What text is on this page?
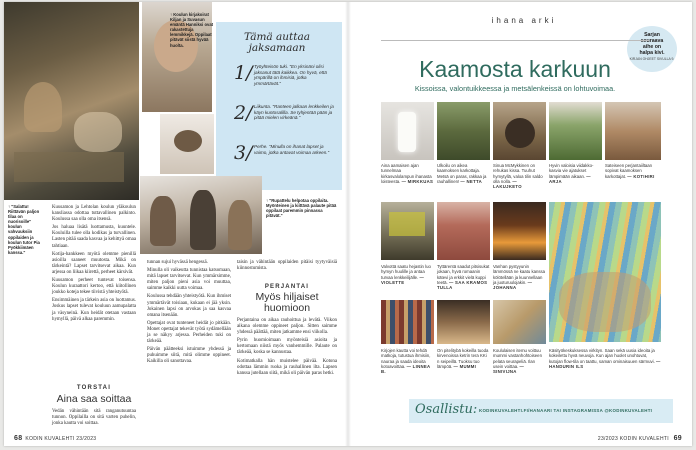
↑ Koulun kirjakoirat Kiljan ja Suvasun emäntä Hanniksi ovat rakastettuja lemmikkejä. Oppilaat pitävät siistä hyvää huolta.
↑ "Salattu! Riittävän paljon tilaa on nuorisoille" koulun vahvuuksiin oppilaiden ja koulun tutor Pia Pyökkiimäen kanssa."
Tämä auttaa jaksamaan
1/ Työyhteisön tuki. "En yksinäni olisi jaksanut tätä kaikkea. On hyvä, että ympärillä on ihmisiä, jotka ymmärtävät."
2/ Liikunta. "Ranteen jalkaan lenkkeilen ja käyn kuntosalilla. Se tyhjentää pään ja pitää mielen virkeänä."
3/ Perhe. "Minulla on ihanat lapset ja vaimo, jotka antavat voimaa arkeen."
↑ "Rupattelu helpotaa oppilaita. Myönteinen ja kiittävä palaute pitää oppilaat paremmin pinnassa pitävät."

Kuusamon ja Lehtolan koulun yläkoulun kansliassa odottaa tuttavallinen palkinto. Koulussa saa olla oma itsensä.

Jos haluaa lisätä luottamusta, kuuntele. Kouluilla tulee olla kodikas ja turvallinen. Lasten pitää saada kasvaa ja kehittyä omaa tahtiaan.

Kotija-hankkeen myötä olemme pienillä asioilla saaneet muutosta. Mikä on tärkeintä? Lapset tarvitsevat aikaa. Kun arjessa on liikaa kiirettä, perheet kärsivät.

Kuusamon perheet tuntevat toisensa. Koulun kuraattori kertoo, että kiitollinen joukko koteja tekee tiivistä yhteistyötä.

Ensimmäinen ja tärkein asia on luottamus. Joskus lapset tulevat kouluun aamupalatta ja väsyneinä. Kun heidät otetaan vastaan hymyllä, päivä alkaa paremmin.

TORSTAI
Aina saa soittaa

Vedän vähintään sitä ranganutuuntaa tunnon. Oppilailla on sitä varten puhelin, jonka kautta voi soittaa.

tunnan sujui hyvässä hengessä.

Minulla oli vaikeutta tunnistaa katsomaan, mitä lapset tarvitsevat. Kun ymmärsimme, miten paljon pieni asia voi muuttaa, saimme kaikki uutta voimaa.

Koulussa tehdään yhteistyötä. Kun ihmiset ymmärtävät toisiaan, kukaan ei jää yksin. Jokainen lapsi on arvokas ja saa kasvaa omana itsenään.

Opettajat ovat tunteneet heidät jo pitkään. Monet opettajat tekevät työtä sydämellään ja se näkyy arjessa. Perheiden tuki on tärkeää.

Päivän päätteeksi istuimme yhdessä ja puhuimme siitä, mitä olimme oppineet. Kaikilla oli sanottavaa.

taisin ja vähintään oppilaiden pitäisi tyytyväisiä kiinnostumista.

PERJANTAI
Myös hiljaiset huomioon

Perjantaina on aikaa rauhoittua ja levätä. Viikon aikana olemme oppineet paljon. Sitten saimme yhdessä päättää, miten jatkamme ensi viikolla.

Pyrin huomioimaan myönteisiä asioita ja kertomaan niistä myös vanhemmille. Palaute on tärkeää, koska se kannustaa.

Kotimatkalla hän muistelee päivää. Kotona odottaa lämmin ruoka ja rauhallinen ilta. Lapsen kanssa jutellaan siitä, mikä oli päivän paras hetki.

68 KODIN KUVALEHTI 23/2023
ihana arki
Sarjan
seuraava
aihe on
halpa kivi.
KIRJAN OHJEET SIVULLA 9.
Kaamosta karkuun
Kissoissa, valontuikkeessa ja metsälenkeissä on lohtuvoimaa.
Aina aamaisen ajan tunnelmaa kirkasvalolampun ihanasta loisteesta. — MIRKKUAS
Ulkoilu on aikea kaamoksen karkottaja. Metsä on paras, rakkaa ja rauhallinen! — NETTA
Sinua McMykkinen on rehukas kissa. Tuuhut hymytyllä, valoa tilin saldo olla nolla. — LAKUJKETO
Hyvin valoisia viidakkokasvia vie ajatukset lämpimään aikaan. — ARJA
Sateiseen perjantaiiltaan sopivat kaamoksen karkottajat. — KOTIHIRI
Valvottä saatu hejastin luo hymyn huulille ja antaa turvaa lenkkeilijälle. — VIOLETTE
Tyttärentä saadut pitsisukat jokaan, hyvä romaanin kätevi ja erkkit vielä kuppi teetä. — SAA KRAMOS TULLA
Vanhan pystyyunin lämmössä ne kaatu kanssa kölötellään ja kuunnellaan ja juoturuulojakin. — JOHANNA
Kirjojen kautta voi tehdä matkoja, tutustua ihmisiin, nauraa ja saada ideoita kotoavoittaa. — LINNEA B.
On pitelitybä kokeilla tuoda kirvenoissa ketrin tera KKi n seipeillä. Tuoksu tuo lämpöä. — MUMMI
Koululaisen itemu voittuu mummi vastanhohtoiseen pelata seurapeliä. Ilan usein voittaa. — SINIVIJNA
Käsityökeskuksessa virkityn. Saan sekä uusia ideoita ja kokeilettu hyvä neuvoja. Kun ajan huolet unohtuvat, kutojan flow-tila on taattu, saman ominaisuuen särmuvi. — HANDURIN ILS
Osallistu: KODINKUVALEHTI.FI/HANAARI TAI INSTAGRAMISSA @KODINKUVALEHTI
23/2023 KODIN KUVALEHTI 69
